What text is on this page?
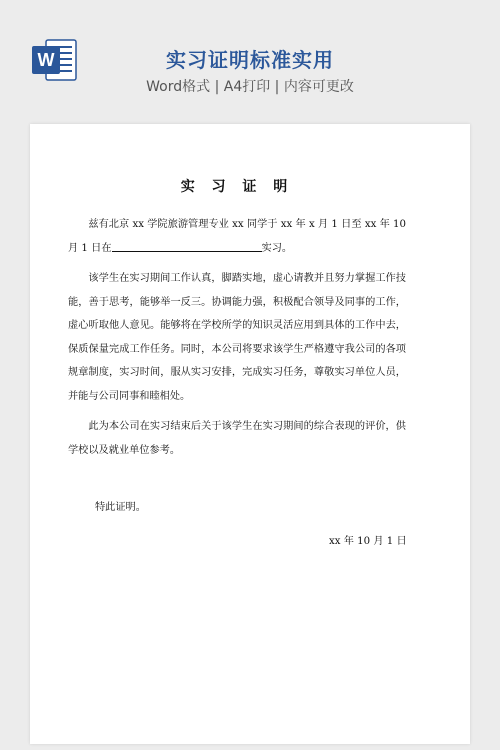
W	实习证明标准实用
Word格式 | A4打印 | 内容可更改
实 习 证 明

兹有北京 xx 学院旅游管理专业 xx 同学于 xx 年 x 月 1 日至 xx 年 10 月 1 日在	实习。

该学生在实习期间工作认真，脚踏实地，虚心请教并且努力掌握工作技能，善于思考，能够举一反三。协调能力强，积极配合领导及同事的工作，虚心听取他人意见。能够将在学校所学的知识灵活应用到具体的工作中去，保质保量完成工作任务。同时，本公司将要求该学生严格遵守我公司的各项规章制度，实习时间，服从实习安排，完成实习任务，尊敬实习单位人员，并能与公司同事和睦相处。

此为本公司在实习结束后关于该学生在实习期间的综合表现的评价，供学校以及就业单位参考。

特此证明。
xx 年 10 月 1 日
